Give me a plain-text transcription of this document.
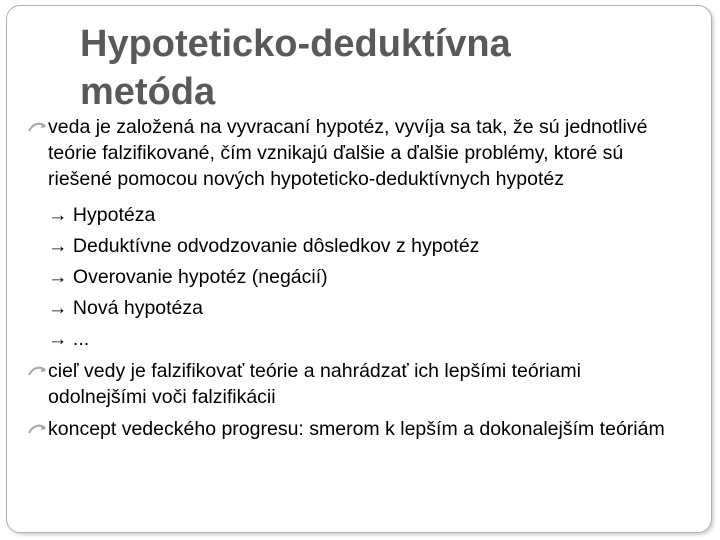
Hypoteticko-deduktívna
metóda

veda je založená na vyvracaní hypotéz, vyvíja sa tak, že sú jednotlivé teórie falzifikované, čím vznikajú ďalšie a ďalšie problémy, ktoré sú riešené pomocou nových hypoteticko-deduktívnych hypotéz

→ Hypotéza

→ Deduktívne odvodzovanie dôsledkov z hypotéz

→ Overovanie hypotéz (negácií)

→ Nová hypotéza

→ ...

cieľ vedy je falzifikovať teórie a nahrádzať ich lepšími teóriami odolnejšími voči falzifikácii

koncept vedeckého progresu: smerom k lepším a dokonalejším teóriám
